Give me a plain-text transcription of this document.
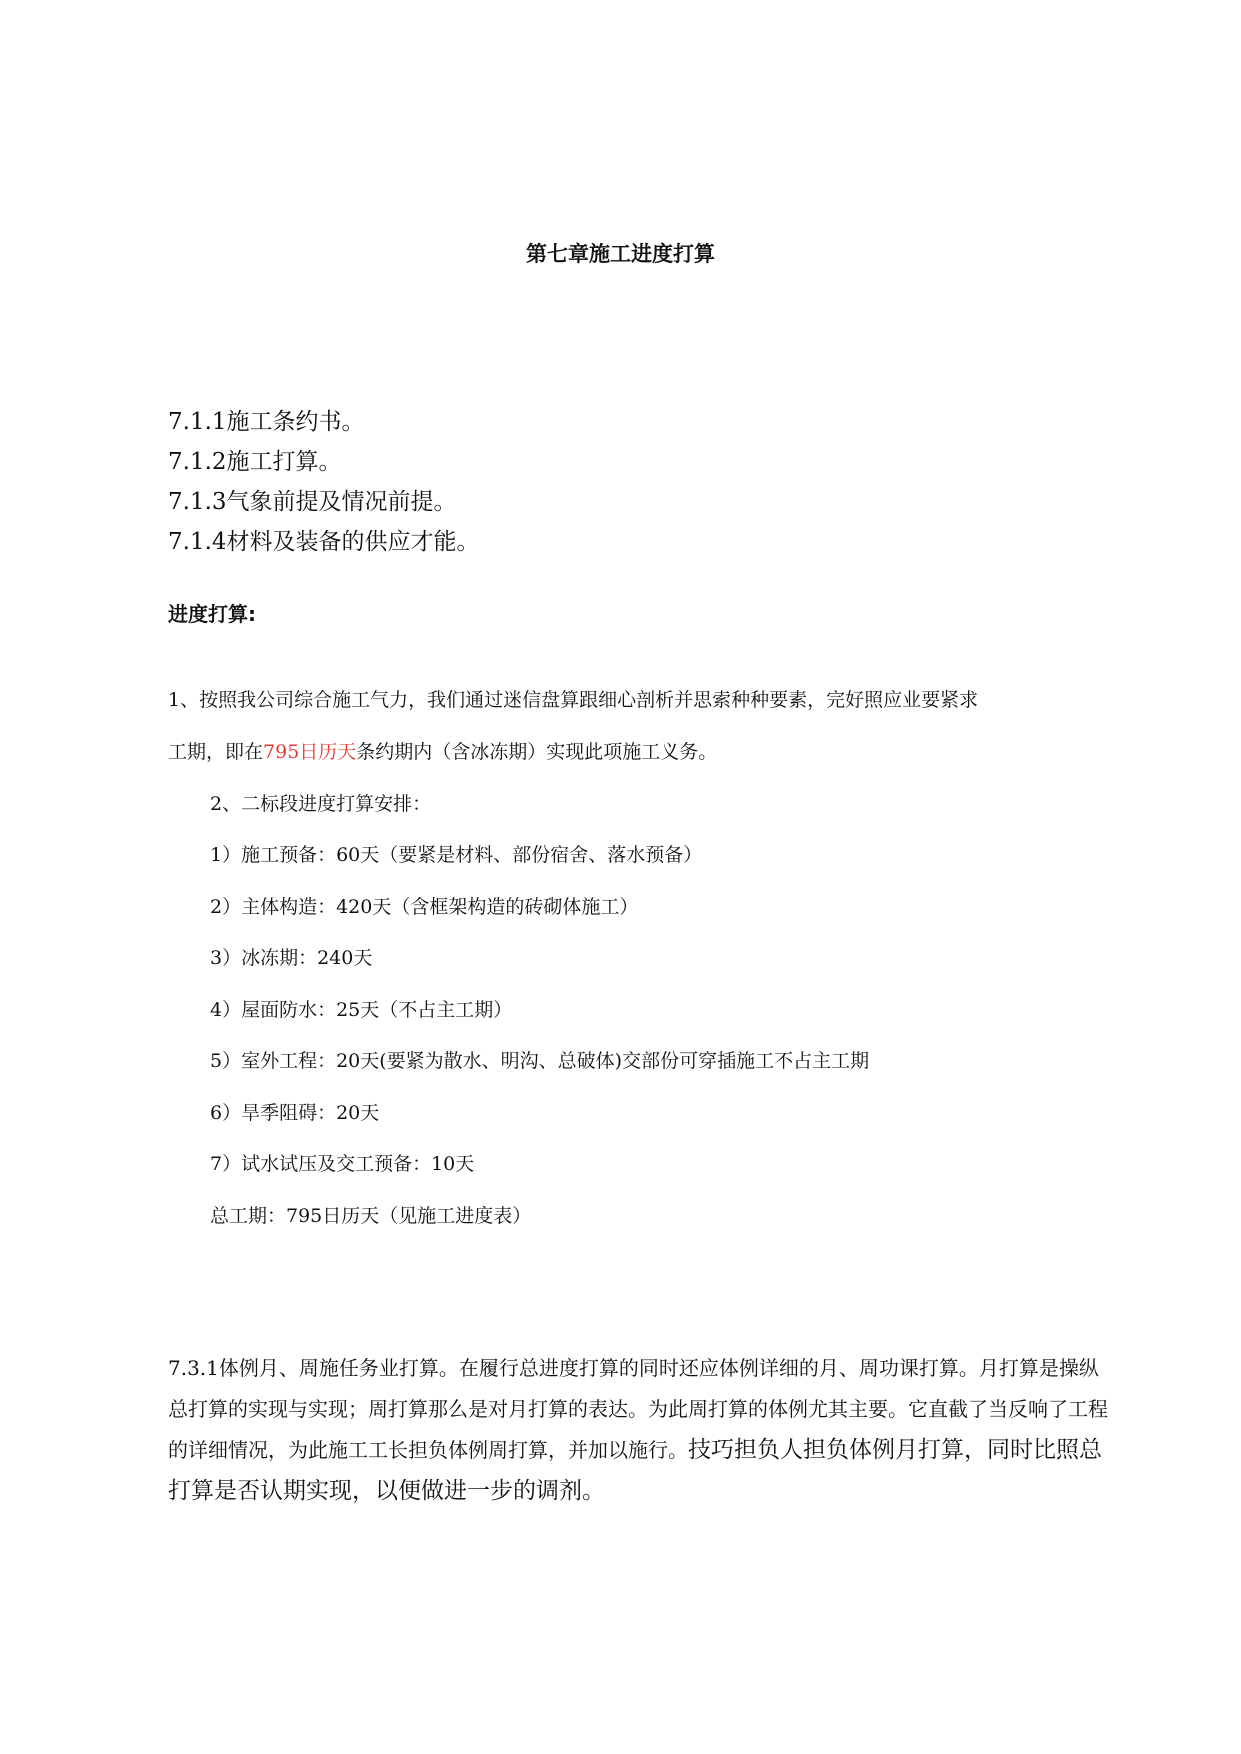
第七章施工进度打算
7.1.1施工条约书。
7.1.2施工打算。
7.1.3气象前提及情况前提。
7.1.4材料及装备的供应才能。
进度打算:
1、按照我公司综合施工气力，我们通过迷信盘算跟细心剖析并思索种种要素，完好照应业要紧求
工期，即在795日历天条约期内（含冰冻期）实现此项施工义务。
2、二标段进度打算安排：
1）施工预备：60天（要紧是材料、部份宿舍、落水预备）
2）主体构造：420天（含框架构造的砖砌体施工）
3）冰冻期：240天
4）屋面防水：25天（不占主工期）
5）室外工程：20天(要紧为散水、明沟、总破体)交部份可穿插施工不占主工期
6）旱季阻碍：20天
7）试水试压及交工预备：10天
总工期：795日历天（见施工进度表）
7.3.1体例月、周施任务业打算。在履行总进度打算的同时还应体例详细的月、周功课打算。月打算是操纵总打算的实现与实现；周打算那么是对月打算的表达。为此周打算的体例尤其主要。它直截了当反响了工程的详细情况，为此施工工长担负体例周打算，并加以施行。技巧担负人担负体例月打算，同时比照总打算是否认期实现，以便做进一步的调剂。
